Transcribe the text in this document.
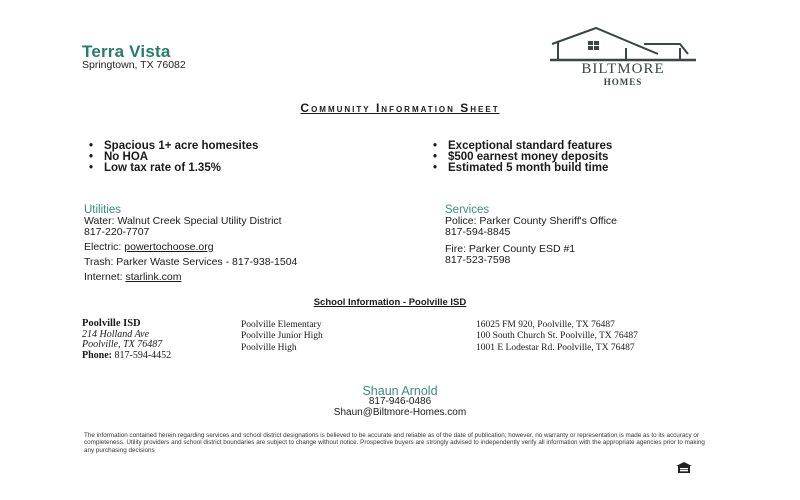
Terra Vista
Springtown, TX 76082	BILTMORE
HOMES
Community Information Sheet
• Spacious 1+ acre homesites
• No HOA
• Low tax rate of 1.35%
• Exceptional standard features
• $500 earnest money deposits
• Estimated 5 month build time
Utilities
Water: Walnut Creek Special Utility District
817-220-7707
Electric: powertochoose.org
Trash: Parker Waste Services - 817-938-1504
Internet: starlink.com
Services
Police: Parker County Sheriff's Office
817-594-8845
Fire: Parker County ESD #1
817-523-7598
School Information - Poolville ISD
Poolville ISD
214 Holland Ave
Poolville, TX 76487
Phone: 817-594-4452
Poolville Elementary
Poolville Junior High
Poolville High
16025 FM 920, Poolville, TX 76487
100 South Church St. Poolville, TX 76487
1001 E Lodestar Rd. Poolville, TX 76487
Shaun Arnold
817-946-0486
Shaun@Biltmore-Homes.com
The information contained herein regarding services and school district designations is believed to be accurate and reliable as of the date of publication; however, no warranty or representation is made as to its accuracy or completeness. Utility providers and school district boundaries are subject to change without notice. Prospective buyers are strongly advised to independently verify all information with the appropriate agencies prior to making any purchasing decisions
